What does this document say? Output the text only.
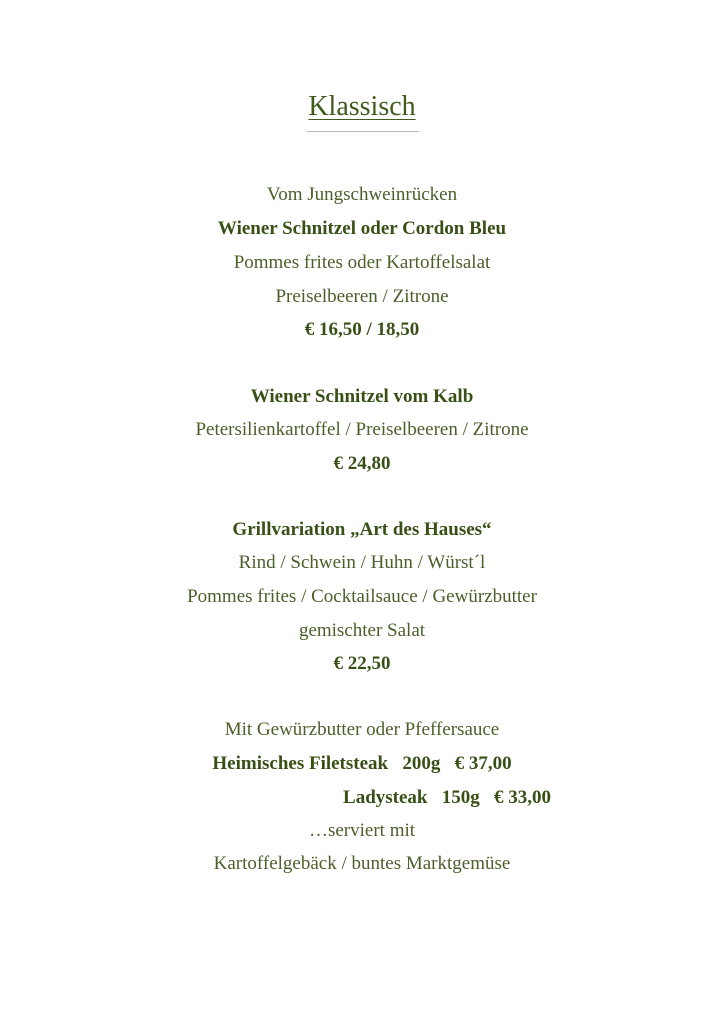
Klassisch
Vom Jungschweinrücken
Wiener Schnitzel oder Cordon Bleu
Pommes frites oder Kartoffelsalat
Preiselbeeren / Zitrone
€ 16,50 / 18,50
Wiener Schnitzel vom Kalb
Petersilienkartoffel / Preiselbeeren / Zitrone
€ 24,80
Grillvariation „Art des Hauses“
Rind / Schwein / Huhn / Würst´l
Pommes frites / Cocktailsauce / Gewürzbutter
gemischter Salat
€ 22,50
Mit Gewürzbutter oder Pfeffersauce
Heimisches Filetsteak   200g   € 37,00
Ladysteak   150g   € 33,00
…serviert mit
Kartoffelgebäck / buntes Marktgemüse
